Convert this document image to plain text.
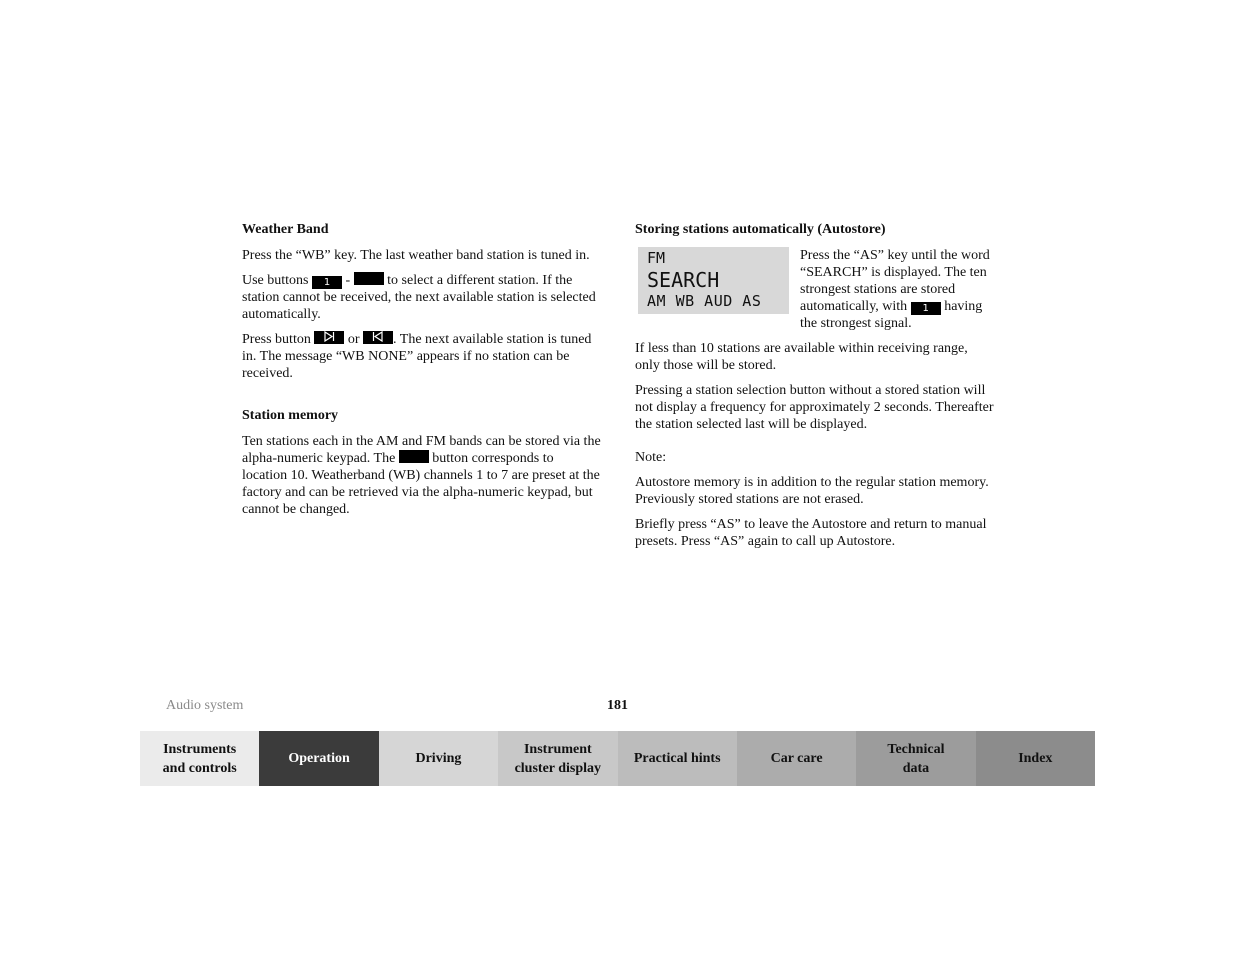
Weather Band

Press the “WB” key. The last weather band station is tuned in.

Use buttons 1 -	to select a different station. If the station cannot be received, the next available station is selected automatically.

Press button	or . The next available station is tuned in. The message “WB NONE” appears if no station can be received.

Station memory

Ten stations each in the AM and FM bands can be stored via the alpha-numeric keypad. The	button corresponds to location 10. Weatherband (WB) channels 1 to 7 are preset at the factory and can be retrieved via the alpha-numeric keypad, but cannot be changed.

Storing stations automatically (Autostore)
FM
SEARCH
AM WB AUD AS

Press the “AS” key until the word “SEARCH” is displayed. The ten strongest stations are stored automatically, with 1 having the strongest signal.

If less than 10 stations are available within receiving range, only those will be stored.

Pressing a station selection button without a stored station will not display a frequency for approximately 2 seconds. Thereafter the station selected last will be displayed.

Note:

Autostore memory is in addition to the regular station memory. Previously stored stations are not erased.

Briefly press “AS” to leave the Autostore and return to manual presets. Press “AS” again to call up Autostore.

Audio system	181
Instruments
and controls
Operation	Driving
Instrument
cluster display
Practical hints	Car care
Technical
data
Index
